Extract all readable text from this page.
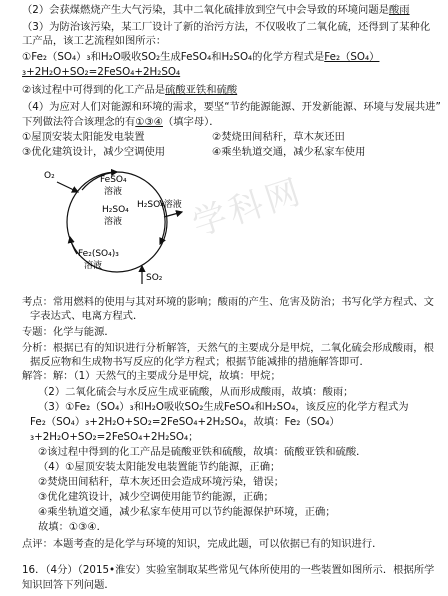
学科网
（2）会获煤燃烧产生大气污染，其中二氧化硫排放到空气中会导致的环境问题是酸雨
（3）为防治该污染，某工厂设计了新的治污方法，不仅吸收了二氧化硫，还得到了某种化
工产品，该工艺流程如图所示：
①Fe₂（SO₄）₃和H₂O吸收SO₂生成FeSO₄和H₂SO₄的化学方程式是Fe₂（SO₄）
₃+2H₂O+SO₂=2FeSO₄+2H₂SO₄
②该过程中可得到的化工产品是硫酸亚铁和硫酸
（4）为应对人们对能源和环境的需求，要坚“节约能源能源、开发新能源、环境与发展共进”
下列做法符合该理念的有①③④（填字母）．
①屋顶安装太阳能发电装置	②焚烧田间秸秆，草木灰还田
③优化建筑设计，减少空调使用	④乘坐轨道交通，减少私家车使用
O₂	FeSO₄
溶液
H₂SO₄
溶液
H₂SO₄溶液
Fe₂(SO₄)₃
溶液
SO₂
考点：常用燃料的使用与其对环境的影响；酸雨的产生、危害及防治；书写化学方程式、文
字表达式、电离方程式．
专题：化学与能源．
分析：根据已有的知识进行分析解答，天然气的主要成分是甲烷，二氧化硫会形成酸雨，根
据反应物和生成物书写反应的化学方程式；根据节能减排的措施解答即可．
解答：解：（1）天然气的主要成分是甲烷，故填：甲烷；
（2）二氧化硫会与水反应生成亚硫酸，从而形成酸雨，故填：酸雨；
（3）①Fe₂（SO₄）₃和H₂O吸收SO₂生成FeSO₄和H₂SO₄，该反应的化学方程式为
Fe₂（SO₄）₃+2H₂O+SO₂=2FeSO₄+2H₂SO₄，故填：Fe₂（SO₄）
₃+2H₂O+SO₂=2FeSO₄+2H₂SO₄；
②该过程中得到的化工产品是硫酸亚铁和硫酸，故填：硫酸亚铁和硫酸．
（4）①屋顶安装太阳能发电装置能节约能源，正确；
②焚烧田间秸秆，草木灰还田会造成环境污染，错误；
③优化建筑设计，减少空调使用能节约能源，正确；
④乘坐轨道交通，减少私家车使用可以节约能源保护环境，正确；
故填：①③④．
点评：本题考查的是化学与环境的知识，完成此题，可以依据已有的知识进行．
16．（4分）（2015•淮安）实验室制取某些常见气体所使用的一些装置如图所示．根据所学
知识回答下列问题．
